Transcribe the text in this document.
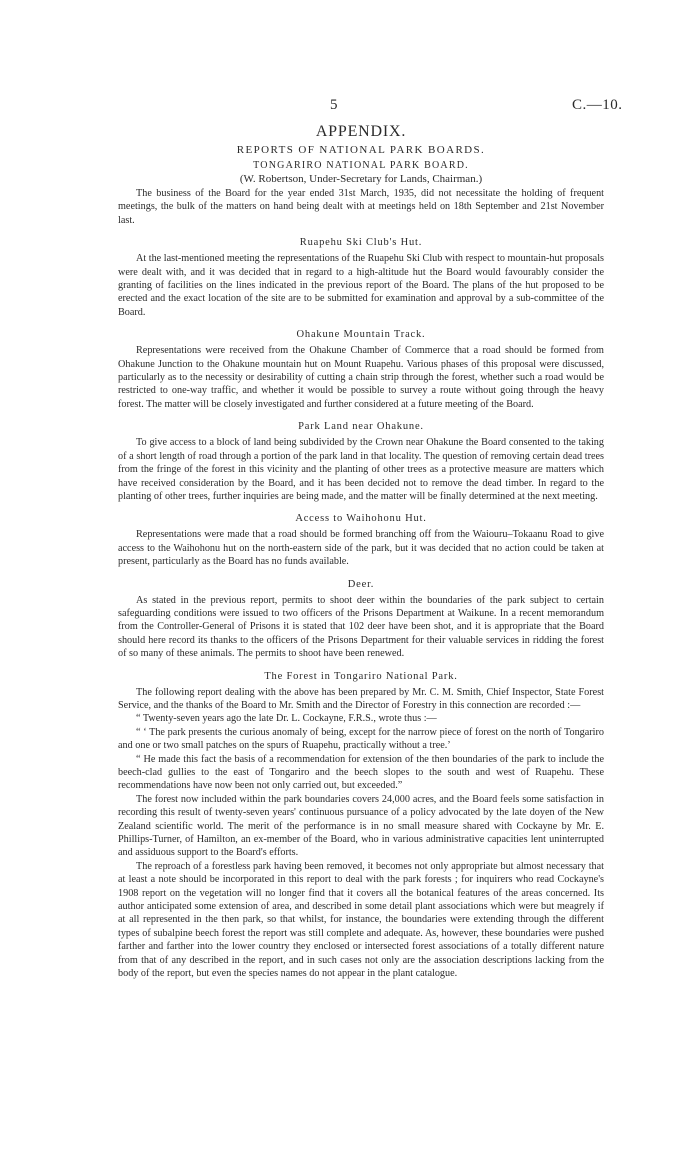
5	C.—10.
APPENDIX.
REPORTS OF NATIONAL PARK BOARDS.
TONGARIRO NATIONAL PARK BOARD.
(W. Robertson, Under-Secretary for Lands, Chairman.)

The business of the Board for the year ended 31st March, 1935, did not necessitate the holding of frequent meetings, the bulk of the matters on hand being dealt with at meetings held on 18th September and 21st November last.

Ruapehu Ski Club's Hut.

At the last-mentioned meeting the representations of the Ruapehu Ski Club with respect to mountain-hut proposals were dealt with, and it was decided that in regard to a high-altitude hut the Board would favourably consider the granting of facilities on the lines indicated in the previous report of the Board. The plans of the hut proposed to be erected and the exact location of the site are to be submitted for examination and approval by a sub-committee of the Board.

Ohakune Mountain Track.

Representations were received from the Ohakune Chamber of Commerce that a road should be formed from Ohakune Junction to the Ohakune mountain hut on Mount Ruapehu. Various phases of this proposal were discussed, particularly as to the necessity or desirability of cutting a chain strip through the forest, whether such a road would be restricted to one-way traffic, and whether it would be possible to survey a route without going through the heavy forest. The matter will be closely investigated and further considered at a future meeting of the Board.

Park Land near Ohakune.

To give access to a block of land being subdivided by the Crown near Ohakune the Board consented to the taking of a short length of road through a portion of the park land in that locality. The question of removing certain dead trees from the fringe of the forest in this vicinity and the planting of other trees as a protective measure are matters which have received consideration by the Board, and it has been decided not to remove the dead timber. In regard to the planting of other trees, further inquiries are being made, and the matter will be finally determined at the next meeting.

Access to Waihohonu Hut.

Representations were made that a road should be formed branching off from the Waiouru–Tokaanu Road to give access to the Waihohonu hut on the north-eastern side of the park, but it was decided that no action could be taken at present, particularly as the Board has no funds available.

Deer.

As stated in the previous report, permits to shoot deer within the boundaries of the park subject to certain safeguarding conditions were issued to two officers of the Prisons Department at Waikune. In a recent memorandum from the Controller-General of Prisons it is stated that 102 deer have been shot, and it is appropriate that the Board should here record its thanks to the officers of the Prisons Department for their valuable services in ridding the forest of so many of these animals. The permits to shoot have been renewed.

The Forest in Tongariro National Park.

The following report dealing with the above has been prepared by Mr. C. M. Smith, Chief Inspector, State Forest Service, and the thanks of the Board to Mr. Smith and the Director of Forestry in this connection are recorded :—

“ Twenty-seven years ago the late Dr. L. Cockayne, F.R.S., wrote thus :—

“ ‘ The park presents the curious anomaly of being, except for the narrow piece of forest on the north of Tongariro and one or two small patches on the spurs of Ruapehu, practically without a tree.’

“ He made this fact the basis of a recommendation for extension of the then boundaries of the park to include the beech-clad gullies to the east of Tongariro and the beech slopes to the south and west of Ruapehu. These recommendations have now been not only carried out, but exceeded.”

The forest now included within the park boundaries covers 24,000 acres, and the Board feels some satisfaction in recording this result of twenty-seven years' continuous pursuance of a policy advocated by the late doyen of the New Zealand scientific world. The merit of the performance is in no small measure shared with Cockayne by Mr. E. Phillips-Turner, of Hamilton, an ex-member of the Board, who in various administrative capacities lent uninterrupted and assiduous support to the Board's efforts.

The reproach of a forestless park having been removed, it becomes not only appropriate but almost necessary that at least a note should be incorporated in this report to deal with the park forests ; for inquirers who read Cockayne's 1908 report on the vegetation will no longer find that it covers all the botanical features of the areas concerned. Its author anticipated some extension of area, and described in some detail plant associations which were but meagrely if at all represented in the then park, so that whilst, for instance, the boundaries were extending through the different types of subalpine beech forest the report was still complete and adequate. As, however, these boundaries were pushed farther and farther into the lower country they enclosed or intersected forest associations of a totally different nature from that of any described in the report, and in such cases not only are the association descriptions lacking from the body of the report, but even the species names do not appear in the plant catalogue.
